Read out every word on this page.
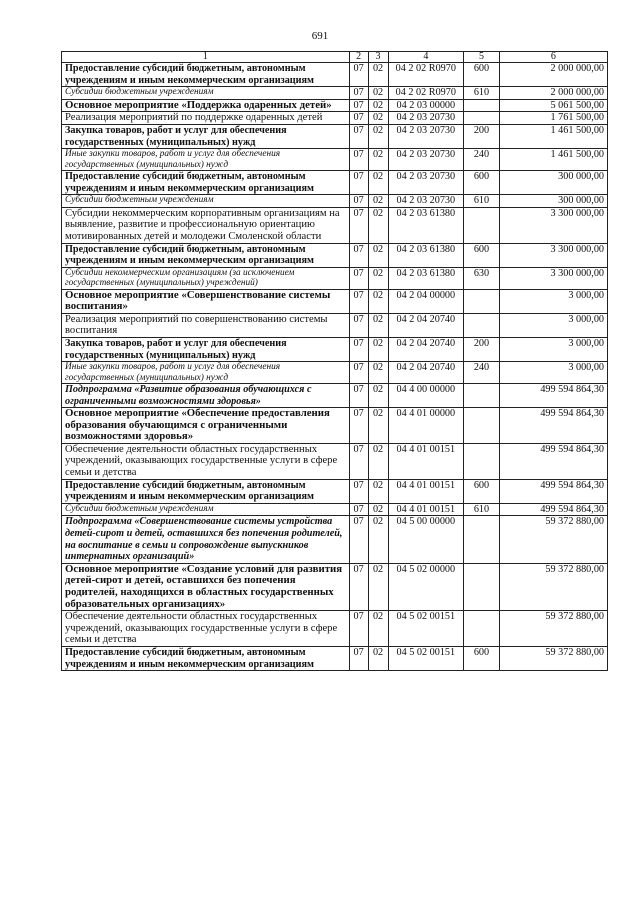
691
1	2	3	4	5	6
Предоставление субсидий бюджетным, автономным учреждениям и иным некоммерческим организациям	07	02	04 2 02 R0970	600	2 000 000,00
Субсидии бюджетным учреждениям	07	02	04 2 02 R0970	610	2 000 000,00
Основное мероприятие «Поддержка одаренных детей»	07	02	04 2 03 00000		5 061 500,00
Реализация мероприятий по поддержке одаренных детей	07	02	04 2 03 20730		1 761 500,00
Закупка товаров, работ и услуг для обеспечения государственных (муниципальных) нужд	07	02	04 2 03 20730	200	1 461 500,00
Иные закупки товаров, работ и услуг для обеспечения государственных (муниципальных) нужд	07	02	04 2 03 20730	240	1 461 500,00
Предоставление субсидий бюджетным, автономным учреждениям и иным некоммерческим организациям	07	02	04 2 03 20730	600	300 000,00
Субсидии бюджетным учреждениям	07	02	04 2 03 20730	610	300 000,00
Субсидии некоммерческим корпоративным организациям на выявление, развитие и профессиональную ориентацию мотивированных детей и молодежи Смоленской области	07	02	04 2 03 61380		3 300 000,00
Предоставление субсидий бюджетным, автономным учреждениям и иным некоммерческим организациям	07	02	04 2 03 61380	600	3 300 000,00
Субсидии некоммерческим организациям (за исключением государственных (муниципальных) учреждений)	07	02	04 2 03 61380	630	3 300 000,00
Основное мероприятие «Совершенствование системы воспитания»	07	02	04 2 04 00000		3 000,00
Реализация мероприятий по совершенствованию системы воспитания	07	02	04 2 04 20740		3 000,00
Закупка товаров, работ и услуг для обеспечения государственных (муниципальных) нужд	07	02	04 2 04 20740	200	3 000,00
Иные закупки товаров, работ и услуг для обеспечения государственных (муниципальных) нужд	07	02	04 2 04 20740	240	3 000,00
Подпрограмма «Развитие образования обучающихся с ограниченными возможностями здоровья»	07	02	04 4 00 00000		499 594 864,30
Основное мероприятие «Обеспечение предоставления образования обучающимся с ограниченными возможностями здоровья»	07	02	04 4 01 00000		499 594 864,30
Обеспечение деятельности областных государственных учреждений, оказывающих государственные услуги в сфере семьи и детства	07	02	04 4 01 00151		499 594 864,30
Предоставление субсидий бюджетным, автономным учреждениям и иным некоммерческим организациям	07	02	04 4 01 00151	600	499 594 864,30
Субсидии бюджетным учреждениям	07	02	04 4 01 00151	610	499 594 864,30
Подпрограмма «Совершенствование системы устройства детей-сирот и детей, оставшихся без попечения родителей, на воспитание в семьи и сопровождение выпускников интернатных организаций»	07	02	04 5 00 00000		59 372 880,00
Основное мероприятие «Создание условий для развития детей-сирот и детей, оставшихся без попечения родителей, находящихся в областных государственных образовательных организациях»	07	02	04 5 02 00000		59 372 880,00
Обеспечение деятельности областных государственных учреждений, оказывающих государственные услуги в сфере семьи и детства	07	02	04 5 02 00151		59 372 880,00
Предоставление субсидий бюджетным, автономным учреждениям и иным некоммерческим организациям	07	02	04 5 02 00151	600	59 372 880,00
